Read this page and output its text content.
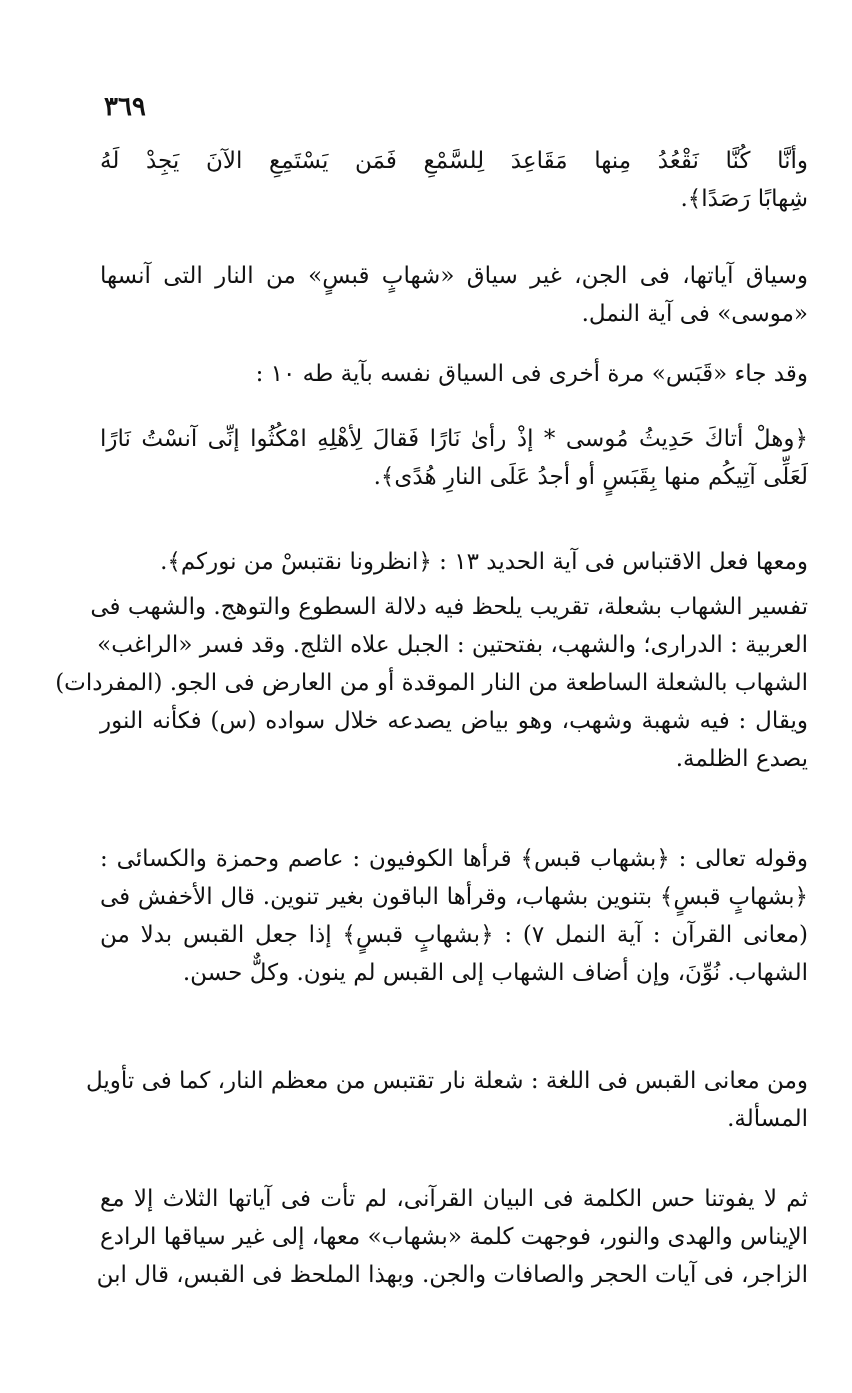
٣٦٩
وأنَّا كُنَّا نَقْعُدُ مِنها مَقَاعِدَ لِلسَّمْعِ فَمَن يَسْتَمِعِ الآنَ يَجِدْ لَهُ
شِهابًا رَصَدًا﴾.
وسياق آياتها، فى الجن، غير سياق «شهابٍ قبسٍ» من النار التى آنسها
«موسى» فى آية النمل.
وقد جاء «قَبَس» مرة أخرى فى السياق نفسه بآية طه ١٠ :
﴿وهلْ أتاكَ حَدِيثُ مُوسى * إذْ رأىٰ نَارًا فَقالَ لِأهْلِهِ امْكُثُوا إنِّى آنسْتُ نَارًا
لَعَلِّى آتِيكُم منها بِقَبَسٍ أو أجدُ عَلَى النارِ هُدًى﴾.
ومعها فعل الاقتباس فى آية الحديد ١٣ : ﴿انظرونا نقتبسْ من نوركم﴾.
تفسير الشهاب بشعلة، تقريب يلحظ فيه دلالة السطوع والتوهج. والشهب فى
العربية : الدرارى؛ والشهب، بفتحتين : الجبل علاه الثلج. وقد فسر «الراغب»
الشهاب بالشعلة الساطعة من النار الموقدة أو من العارض فى الجو. (المفردات)
ويقال : فيه شهبة وشهب، وهو بياض يصدعه خلال سواده (س) فكأنه النور
يصدع الظلمة.
وقوله تعالى : ﴿بشهاب قبس﴾ قرأها الكوفيون : عاصم وحمزة والكسائى :
﴿بشهابٍ قبسٍ﴾ بتنوين بشهاب، وقرأها الباقون بغير تنوين. قال الأخفش فى
(معانى القرآن : آية النمل ٧) : ﴿بشهابٍ قبسٍ﴾ إذا جعل القبس بدلا من
الشهاب. نُوِّنَ، وإن أضاف الشهاب إلى القبس لم ينون. وكلٌّ حسن.
ومن معانى القبس فى اللغة : شعلة نار تقتبس من معظم النار، كما فى تأويل
المسألة.
ثم لا يفوتنا حس الكلمة فى البيان القرآنى، لم تأت فى آياتها الثلاث إلا مع
الإيناس والهدى والنور، فوجهت كلمة «بشهاب» معها، إلى غير سياقها الرادع
الزاجر، فى آيات الحجر والصافات والجن. وبهذا الملحظ فى القبس، قال ابن
